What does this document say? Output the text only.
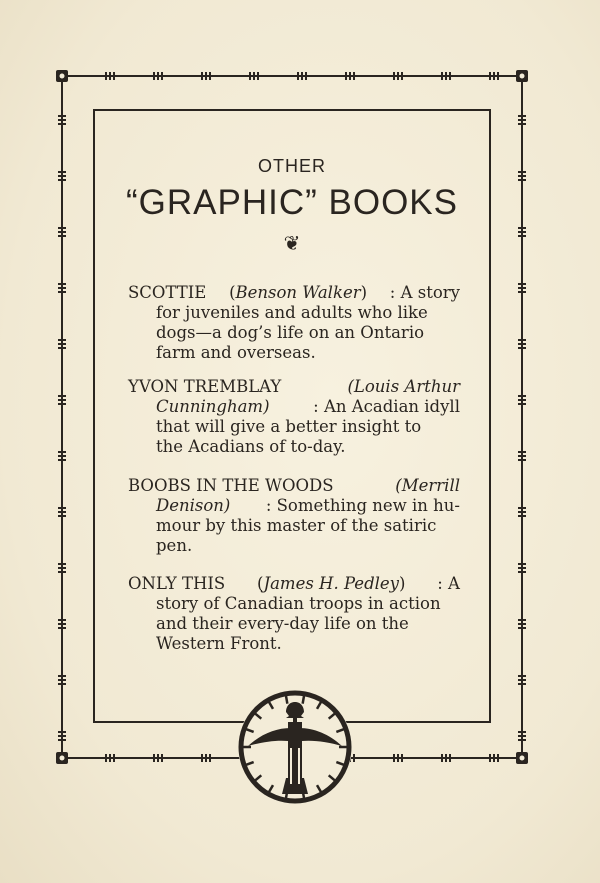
OTHER
“GRAPHIC” BOOKS
❦
SCOTTIE (Benson Walker) : A story
for juveniles and adults who like
dogs—a dog’s life on an Ontario
farm and overseas.
YVON TREMBLAY	(Louis Arthur
Cunningham)	: An Acadian idyll
that will give a better insight to
the Acadians of to-day.
BOOBS IN THE WOODS	(Merrill
Denison) : Something new in hu-
mour by this master of the satiric
pen.
ONLY THIS (James H. Pedley) : A
story of Canadian troops in action
and their every-day life on the
Western Front.
